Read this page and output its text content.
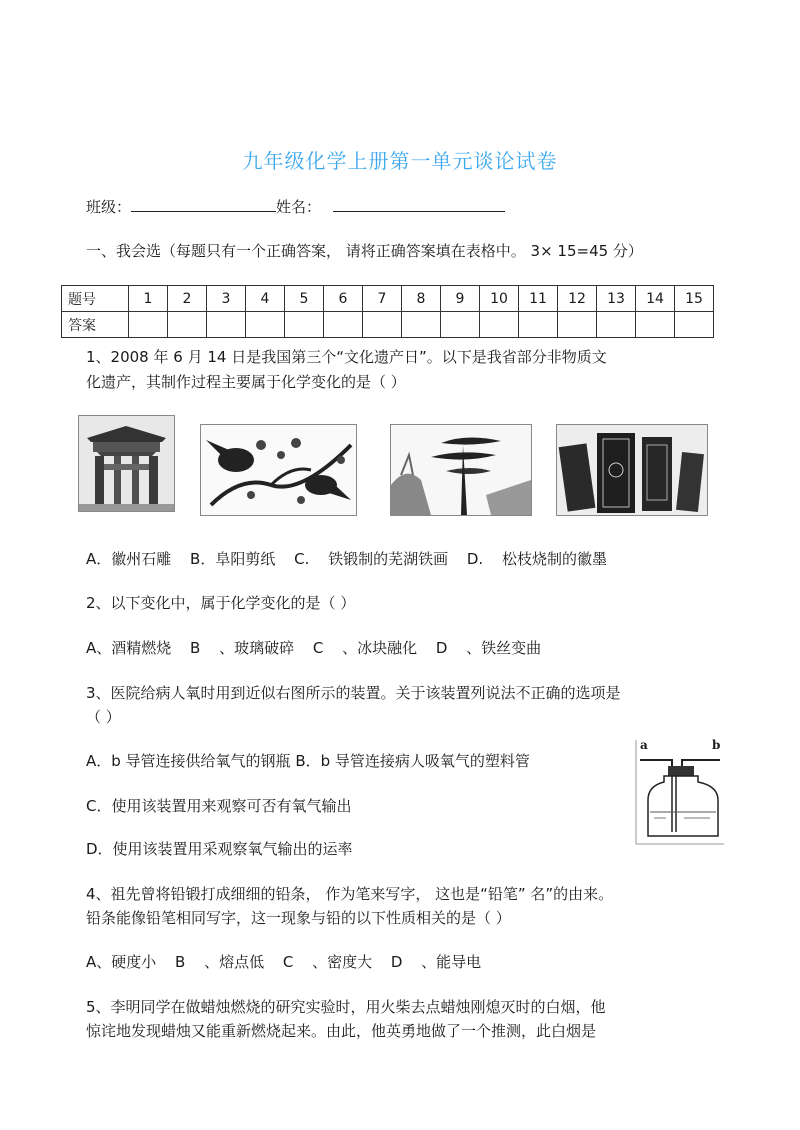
九年级化学上册第一单元谈论试卷
班级：	姓名：
一、我会选（每题只有一个正确答案， 请将正确答案填在表格中。 3× 15=45 分）
题号	1	2	3	4	5	6	7	8	9	10	11	12	13	14	15
答案															
1、2008 年 6 月 14 日是我国第三个“文化遗产日”。以下是我省部分非物质文
化遗产，其制作过程主要属于化学变化的是（ ）
A．徽州石雕 B．阜阳剪纸 C. 铁锻制的芜湖铁画 D. 松枝烧制的徽墨
2、以下变化中，属于化学变化的是（ ）
A、酒精燃烧 B 、玻璃破碎 C 、冰块融化 D 、铁丝变曲
3、医院给病人氧时用到近似右图所示的装置。关于该装置列说法不正确的选项是
（ ）
A．b 导管连接供给氧气的钢瓶 B．b 导管连接病人吸氧气的塑料管
C．使用该装置用来观察可否有氧气输出
D．使用该装置用采观察氧气输出的运率
a	b
4、祖先曾将铅锻打成细细的铅条， 作为笔来写字， 这也是“铅笔” 名”的由来。
铅条能像铅笔相同写字，这一现象与铅的以下性质相关的是（ ）
A、硬度小 B 、熔点低 C 、密度大 D 、能导电
5、李明同学在做蜡烛燃烧的研究实验时，用火柴去点蜡烛刚熄灭时的白烟，他
惊诧地发现蜡烛又能重新燃烧起来。由此，他英勇地做了一个推测，此白烟是
